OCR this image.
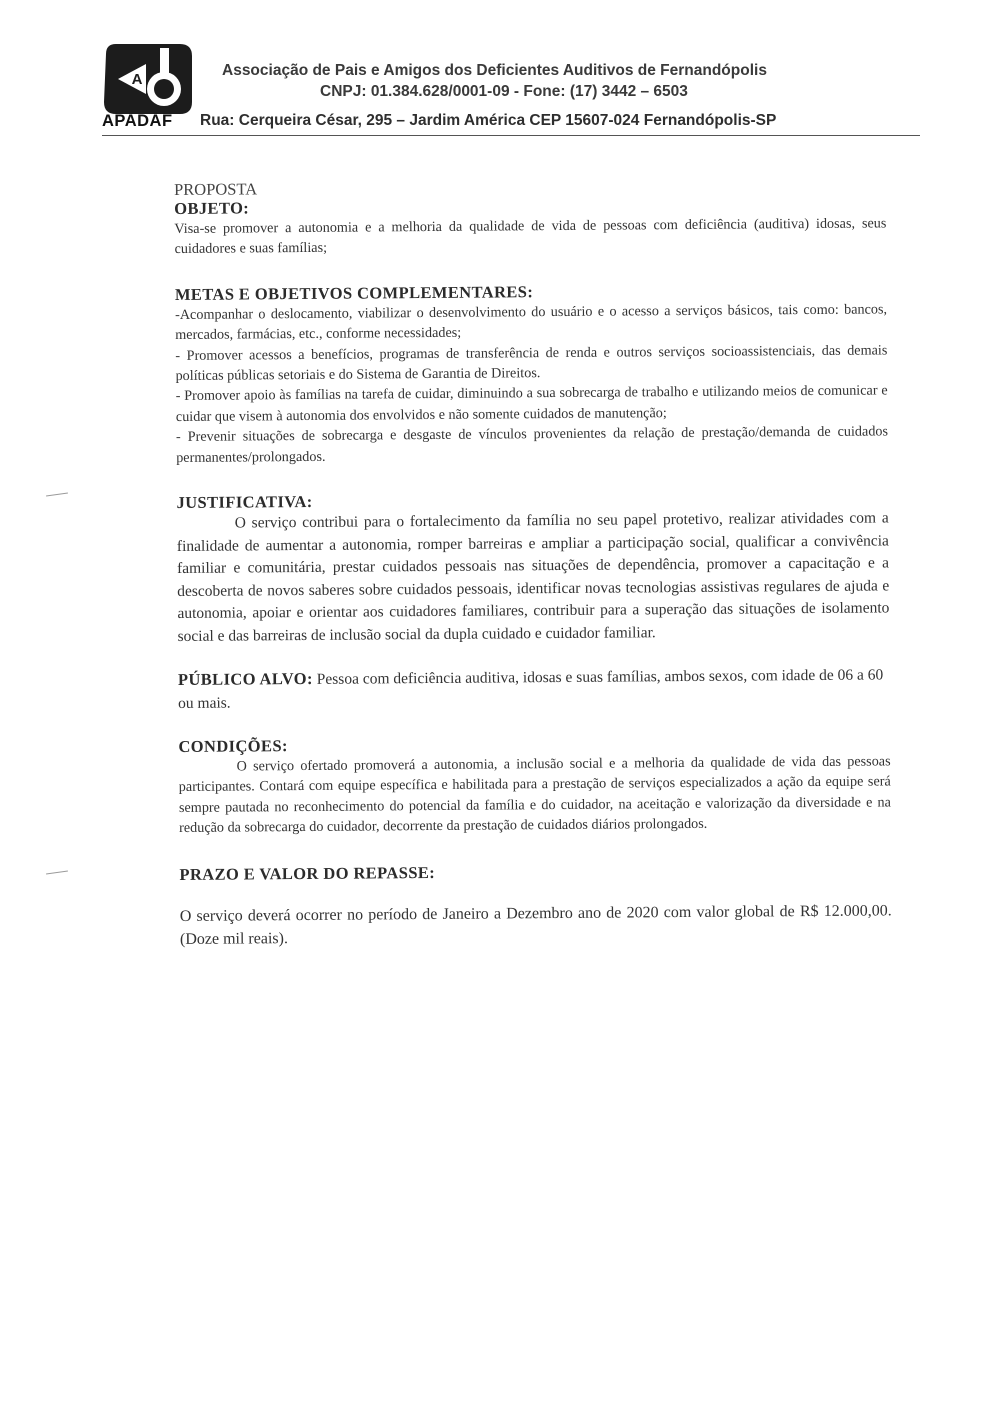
A
Associação de Pais e Amigos dos Deficientes Auditivos de Fernandópolis
CNPJ: 01.384.628/0001-09 - Fone: (17) 3442 – 6503
APADAF Rua: Cerqueira César, 295 – Jardim América CEP 15607-024 Fernandópolis-SP

PROPOSTA

OBJETO:

Visa-se promover a autonomia e a melhoria da qualidade de vida de pessoas com deficiência (auditiva) idosas, seus cuidadores e suas famílias;

METAS E OBJETIVOS COMPLEMENTARES:

-Acompanhar o deslocamento, viabilizar o desenvolvimento do usuário e o acesso a serviços básicos, tais como: bancos, mercados, farmácias, etc., conforme necessidades;

- Promover acessos a benefícios, programas de transferência de renda e outros serviços socioassistenciais, das demais políticas públicas setoriais e do Sistema de Garantia de Direitos.

- Promover apoio às famílias na tarefa de cuidar, diminuindo a sua sobrecarga de trabalho e utilizando meios de comunicar e cuidar que visem à autonomia dos envolvidos e não somente cuidados de manutenção;

- Prevenir situações de sobrecarga e desgaste de vínculos provenientes da relação de prestação/demanda de cuidados permanentes/prolongados.

JUSTIFICATIVA:

O serviço contribui para o fortalecimento da família no seu papel protetivo, realizar atividades com a finalidade de aumentar a autonomia, romper barreiras e ampliar a participação social, qualificar a convivência familiar e comunitária, prestar cuidados pessoais nas situações de dependência, promover a capacitação e a descoberta de novos saberes sobre cuidados pessoais, identificar novas tecnologias assistivas regulares de ajuda e autonomia, apoiar e orientar aos cuidadores familiares, contribuir para a superação das situações de isolamento social e das barreiras de inclusão social da dupla cuidado e cuidador familiar.

PÚBLICO ALVO: Pessoa com deficiência auditiva, idosas e suas famílias, ambos sexos, com idade de 06 a 60 ou mais.

CONDIÇÕES:

O serviço ofertado promoverá a autonomia, a inclusão social e a melhoria da qualidade de vida das pessoas participantes. Contará com equipe específica e habilitada para a prestação de serviços especializados a ação da equipe será sempre pautada no reconhecimento do potencial da família e do cuidador, na aceitação e valorização da diversidade e na redução da sobrecarga do cuidador, decorrente da prestação de cuidados diários prolongados.

PRAZO E VALOR DO REPASSE:

O serviço deverá ocorrer no período de Janeiro a Dezembro ano de 2020 com valor global de R$ 12.000,00. (Doze mil reais).
